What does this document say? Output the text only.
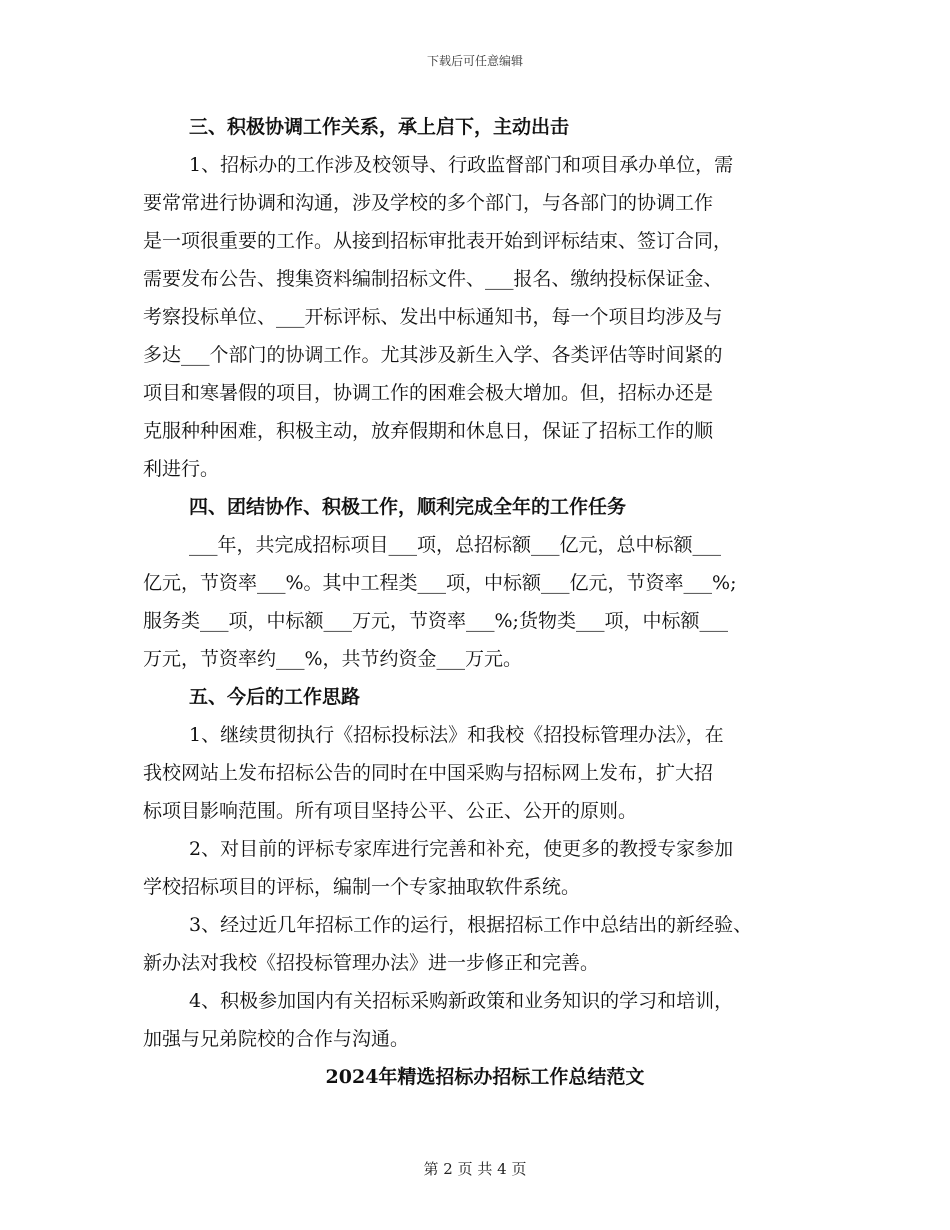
下载后可任意编辑
三、积极协调工作关系，承上启下，主动出击
1、招标办的工作涉及校领导、行政监督部门和项目承办单位，需
要常常进行协调和沟通，涉及学校的多个部门，与各部门的协调工作
是一项很重要的工作。从接到招标审批表开始到评标结束、签订合同，
需要发布公告、搜集资料编制招标文件、___报名、缴纳投标保证金、
考察投标单位、___开标评标、发出中标通知书，每一个项目均涉及与
多达___个部门的协调工作。尤其涉及新生入学、各类评估等时间紧的
项目和寒暑假的项目，协调工作的困难会极大增加。但，招标办还是
克服种种困难，积极主动，放弃假期和休息日，保证了招标工作的顺
利进行。
四、团结协作、积极工作，顺利完成全年的工作任务
___年，共完成招标项目___项，总招标额___亿元，总中标额___
亿元，节资率___%。其中工程类___项，中标额___亿元，节资率___%;
服务类___项，中标额___万元，节资率___%;货物类___项，中标额___
万元，节资率约___%，共节约资金___万元。
五、今后的工作思路
1、继续贯彻执行《招标投标法》和我校《招投标管理办法》，在
我校网站上发布招标公告的同时在中国采购与招标网上发布，扩大招
标项目影响范围。所有项目坚持公平、公正、公开的原则。
2、对目前的评标专家库进行完善和补充，使更多的教授专家参加
学校招标项目的评标，编制一个专家抽取软件系统。
3、经过近几年招标工作的运行，根据招标工作中总结出的新经验、
新办法对我校《招投标管理办法》进一步修正和完善。
4、积极参加国内有关招标采购新政策和业务知识的学习和培训，
加强与兄弟院校的合作与沟通。
2024年精选招标办招标工作总结范文
第 2 页 共 4 页
